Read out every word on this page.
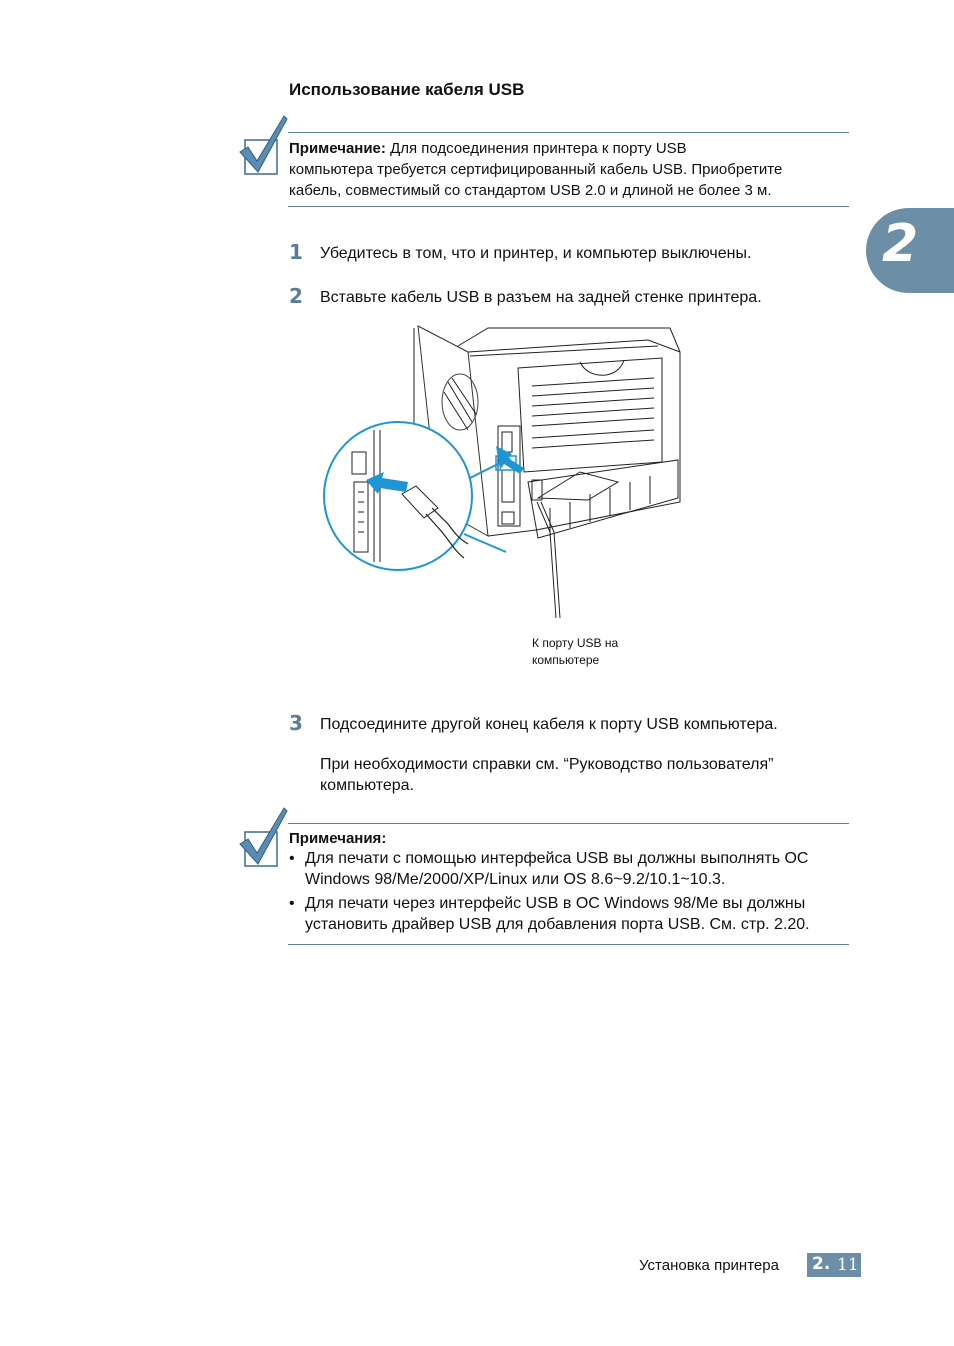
2
Использование кабеля USB
Примечание: Для подсоединения принтера к порту USB
компьютера требуется сертифицированный кабель USB. Приобретите
кабель, совместимый со стандартом USB 2.0 и длиной не более 3 м.
1 Убедитесь в том, что и принтер, и компьютер выключены.
2 Вставьте кабель USB в разъем на задней стенке принтера.
К порту USB на
компьютере
3 Подсоедините другой конец кабеля к порту USB компьютера.
При необходимости справки см. “Руководство пользователя”
компьютера.
Примечания:
• Для печати с помощью интерфейса USB вы должны выполнять ОС
Windows 98/Me/2000/XP/Linux или OS 8.6~9.2/10.1~10.3.
• Для печати через интерфейс USB в ОС Windows 98/Me вы должны
установить драйвер USB для добавления порта USB. См. стр. 2.20.
Установка принтера 2. 11
